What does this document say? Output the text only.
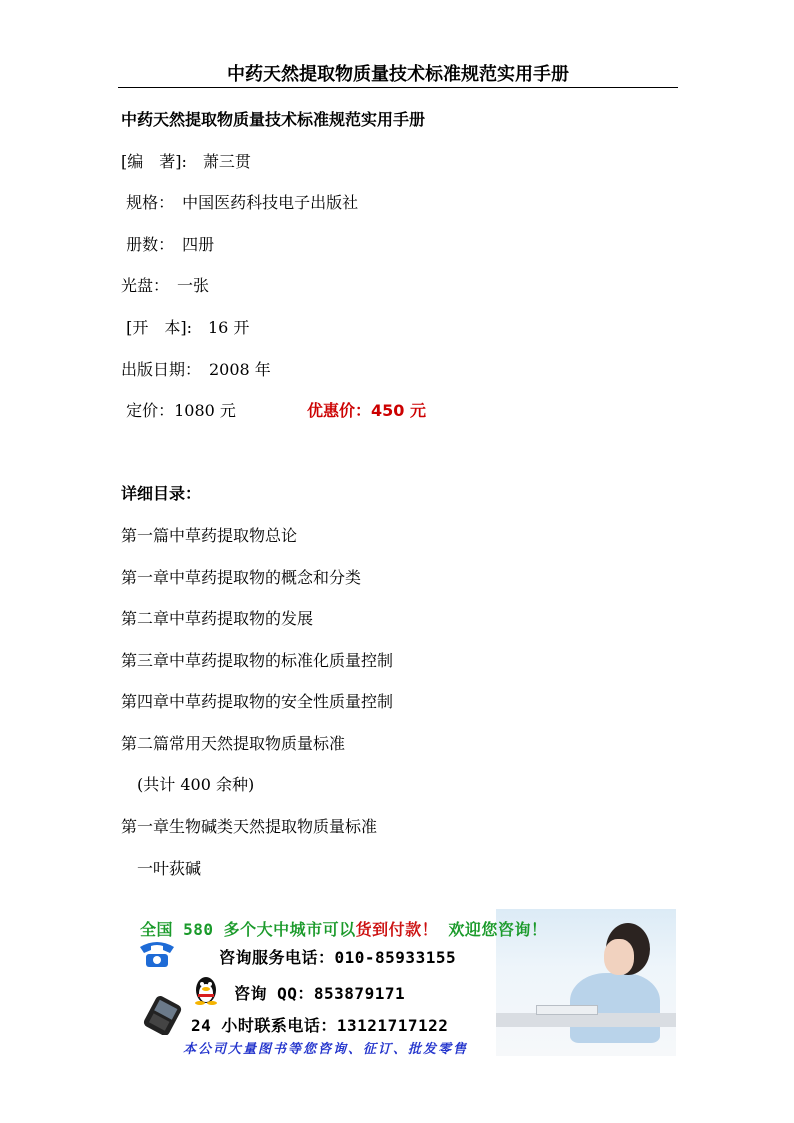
中药天然提取物质量技术标准规范实用手册
中药天然提取物质量技术标准规范实用手册
[编　著]:　萧三贯
规格：　中国医药科技电子出版社
册数：　四册
光盘：　一张
[开　本]:　16 开
出版日期：　2008 年
定价：1080 元	优惠价：450 元
详细目录：
第一篇中草药提取物总论
第一章中草药提取物的概念和分类
第二章中草药提取物的发展
第三章中草药提取物的标准化质量控制
第四章中草药提取物的安全性质量控制
第二篇常用天然提取物质量标准
　(共计 400 余种)
第一章生物碱类天然提取物质量标准
　一叶荻碱
全国 580 多个大中城市可以货到付款！ 欢迎您咨询！
咨询服务电话：010-85933155
咨询 QQ：853879171
24 小时联系电话：13121717122
本公司大量图书等您咨询、征订、批发零售
